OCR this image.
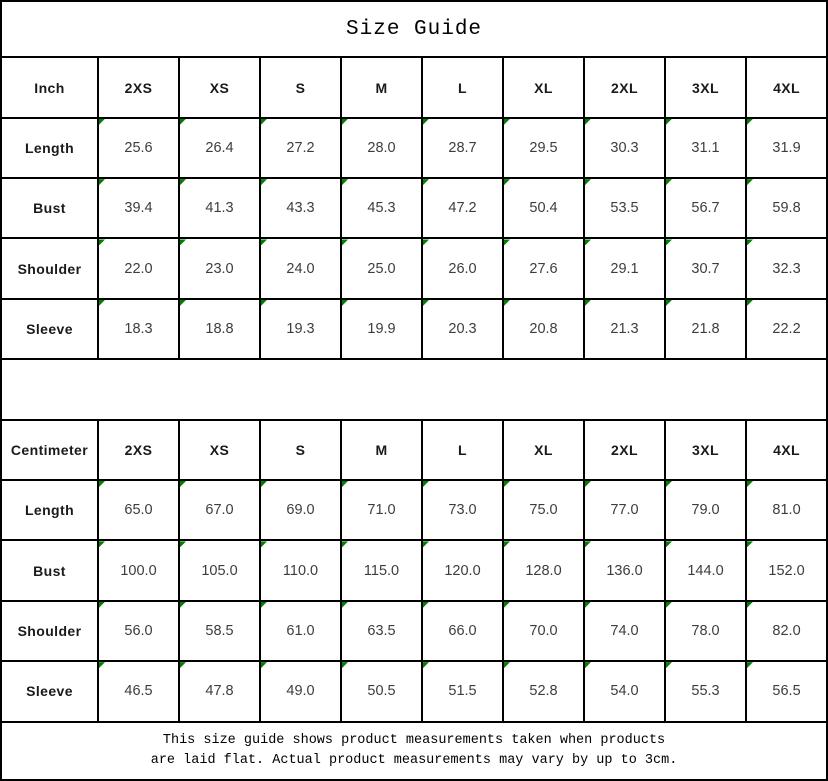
Size Guide									
Inch	2XS	XS	S	M	L	XL	2XL	3XL	4XL
Length	25.6	26.4	27.2	28.0	28.7	29.5	30.3	31.1	31.9
Bust	39.4	41.3	43.3	45.3	47.2	50.4	53.5	56.7	59.8
Shoulder	22.0	23.0	24.0	25.0	26.0	27.6	29.1	30.7	32.3
Sleeve	18.3	18.8	19.3	19.9	20.3	20.8	21.3	21.8	22.2

Centimeter	2XS	XS	S	M	L	XL	2XL	3XL	4XL
Length	65.0	67.0	69.0	71.0	73.0	75.0	77.0	79.0	81.0
Bust	100.0	105.0	110.0	115.0	120.0	128.0	136.0	144.0	152.0
Shoulder	56.0	58.5	61.0	63.5	66.0	70.0	74.0	78.0	82.0
Sleeve	46.5	47.8	49.0	50.5	51.5	52.8	54.0	55.3	56.5

This size guide shows product measurements taken when products
are laid flat. Actual product measurements may vary by up to 3cm.									
